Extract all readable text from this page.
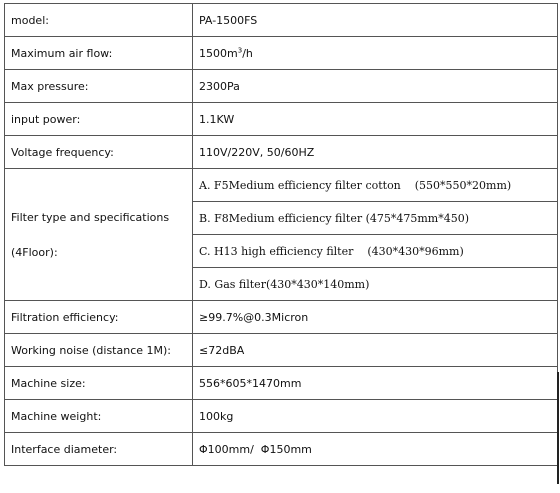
model:	PA-1500FS
Maximum air flow:	$1500m^3/h$
Max pressure:	2300Pa
input power:	1.1KW
Voltage frequency:	110V/220V, 50/60HZ

Filter type and specifications
(4Floor):	A. F5Medium efficiency filter cotton    (550*550*20mm)
	B. F8Medium efficiency filter (475*475mm*450)
	C. H13 high efficiency filter    (430*430*96mm)
	D. Gas filter(430*430*140mm)
Filtration efficiency:	≥99.7%@0.3Micron
Working noise (distance 1M):	≤72dBA
Machine size:	556*605*1470mm
Machine weight:	100kg
Interface diameter:	Φ100mm/  Φ150mm
